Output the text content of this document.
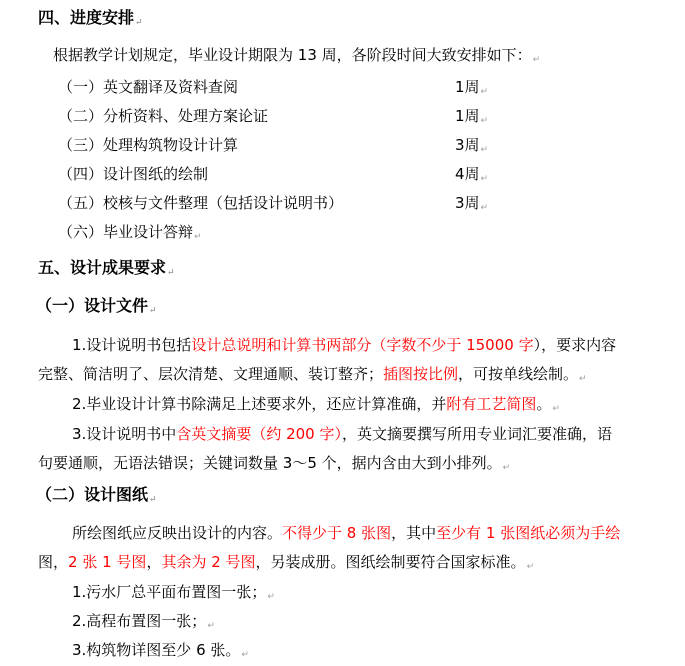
四、进度安排↵
根据教学计划规定，毕业设计期限为 13 周，各阶段时间大致安排如下：↵
（一）英文翻译及资料查阅	1周↵
（二）分析资料、处理方案论证	1周↵
（三）处理构筑物设计计算	3周↵
（四）设计图纸的绘制	4周↵
（五）校核与文件整理（包括设计说明书）	3周↵
（六）毕业设计答辩↵
五、设计成果要求↵
（一）设计文件↵
1.设计说明书包括设计总说明和计算书两部分（字数不少于 15000 字），要求内容
完整、简洁明了、层次清楚、文理通顺、装订整齐；插图按比例，可按单线绘制。↵
2.毕业设计计算书除满足上述要求外，还应计算准确，并附有工艺简图。↵
3.设计说明书中含英文摘要（约 200 字），英文摘要撰写所用专业词汇要准确，语
句要通顺，无语法错误；关键词数量 3～5 个，据内含由大到小排列。↵
（二）设计图纸↵
所绘图纸应反映出设计的内容。不得少于 8 张图，其中至少有 1 张图纸必须为手绘
图，2 张 1 号图，其余为 2 号图，另装成册。图纸绘制要符合国家标准。↵
1.污水厂总平面布置图一张；↵
2.高程布置图一张；↵
3.构筑物详图至少 6 张。↵
